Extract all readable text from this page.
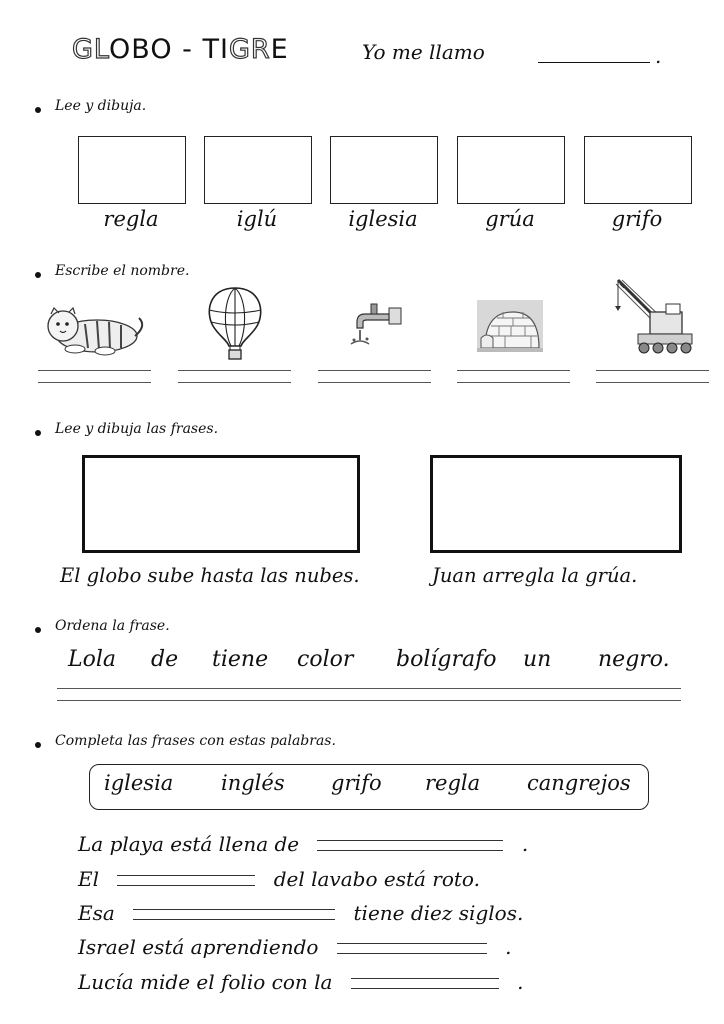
GLOBO - TIGRE	Yo me llamo	.
Lee y dibuja.
regla	iglú	iglesia	grúa	grifo
Escribe el nombre.
Lee y dibuja las frases.
El globo sube hasta las nubes.	Juan arregla la grúa.
Ordena la frase.
Lola de tiene color bolígrafo un negro.
Completa las frases con estas palabras.
iglesia inglés grifo regla cangrejos
La playa está llena de	.
El	del lavabo está roto.
Esa	tiene diez siglos.
Israel está aprendiendo	.
Lucía mide el folio con la	.
